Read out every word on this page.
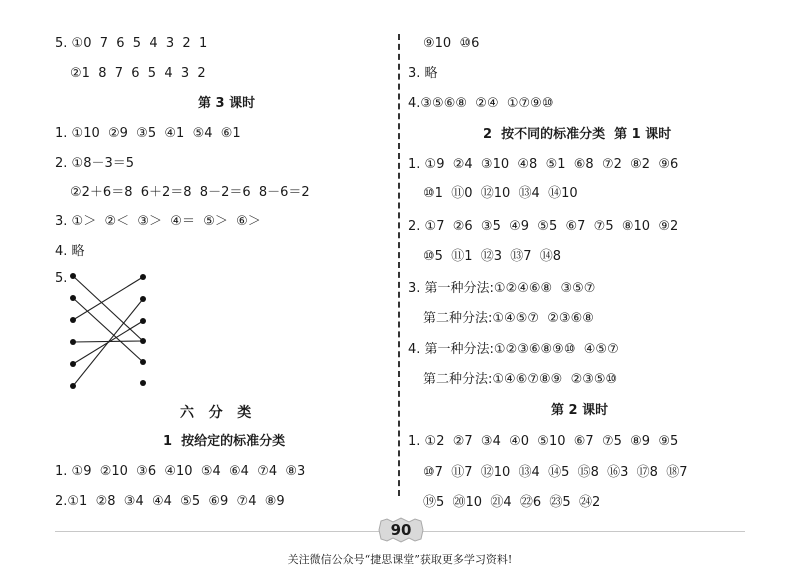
5. ①0  7  6  5  4  3  2  1
②1  8  7  6  5  4  3  2
第 3 课时
1. ①10  ②9  ③5  ④1  ⑤4  ⑥1
2. ①8－3＝5
②2＋6＝8  6＋2＝8  8－2＝6  8－6＝2
3. ①＞  ②＜  ③＞  ④＝  ⑤＞  ⑥＞
4. 略
5.
六   分   类
1  按给定的标准分类
1. ①9  ②10  ③6  ④10  ⑤4  ⑥4  ⑦4  ⑧3
2.①1  ②8  ③4  ④4  ⑤5  ⑥9  ⑦4  ⑧9
⑨10  ⑩6
3. 略
4.③⑤⑥⑧  ②④  ①⑦⑨⑩
2  按不同的标准分类  第 1 课时
1. ①9  ②4  ③10  ④8  ⑤1  ⑥8  ⑦2  ⑧2  ⑨6
⑩1  ⑪0  ⑫10  ⑬4  ⑭10
2. ①7  ②6  ③5  ④9  ⑤5  ⑥7  ⑦5  ⑧10  ⑨2
⑩5  ⑪1  ⑫3  ⑬7  ⑭8
3. 第一种分法:①②④⑥⑧  ③⑤⑦
第二种分法:①④⑤⑦  ②③⑥⑧
4. 第一种分法:①②③⑥⑧⑨⑩  ④⑤⑦
第二种分法:①④⑥⑦⑧⑨  ②③⑤⑩
第 2 课时
1. ①2  ②7  ③4  ④0  ⑤10  ⑥7  ⑦5  ⑧9  ⑨5
⑩7  ⑪7  ⑫10  ⑬4  ⑭5  ⑮8  ⑯3  ⑰8  ⑱7
⑲5  ⑳10  ㉑4  ㉒6  ㉓5  ㉔2
90
关注微信公众号“捷思课堂”获取更多学习资料!
